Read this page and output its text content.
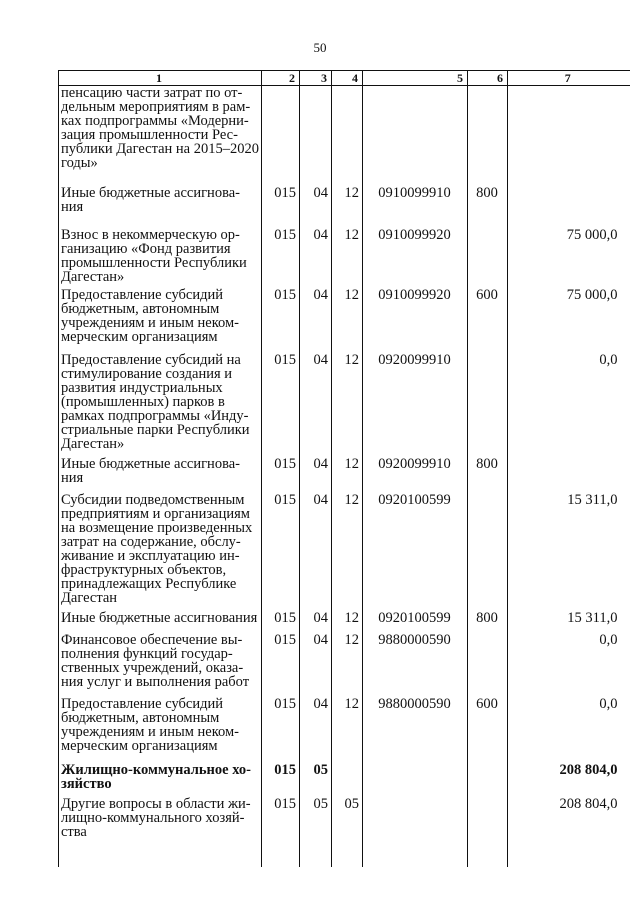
50
1	2	3	4	5	6	7
пенсацию части затрат по от-дельным мероприятиям в рам-ках подпрограммы «Модерни-зация промышленности Рес-публики Дагестан на 2015–2020 годы»						
Иные бюджетные ассигнова-ния	015	04	12	0910099910	800	
Взнос в некоммерческую ор-ганизацию «Фонд развития промышленности Республики Дагестан»	015	04	12	0910099920		75 000,0
Предоставление субсидий бюджетным, автономным учреждениям и иным неком-мерческим организациям	015	04	12	0910099920	600	75 000,0
Предоставление субсидий на стимулирование создания и развития индустриальных (промышленных) парков в рамках подпрограммы «Инду-стриальные парки Республики Дагестан»	015	04	12	0920099910		0,0
Иные бюджетные ассигнова-ния	015	04	12	0920099910	800	
Субсидии подведомственным предприятиям и организациям на возмещение произведенных затрат на содержание, обслу-живание и эксплуатацию ин-фраструктурных объектов, принадлежащих Республике Дагестан	015	04	12	0920100599		15 311,0
Иные бюджетные ассигнования	015	04	12	0920100599	800	15 311,0
Финансовое обеспечение вы-полнения функций государ-ственных учреждений, оказа-ния услуг и выполнения работ	015	04	12	9880000590		0,0
Предоставление субсидий бюджетным, автономным учреждениям и иным неком-мерческим организациям	015	04	12	9880000590	600	0,0
Жилищно-коммунальное хо-зяйство	015	05				208 804,0
Другие вопросы в области жи-лищно-коммунального хозяй-ства	015	05	05			208 804,0
